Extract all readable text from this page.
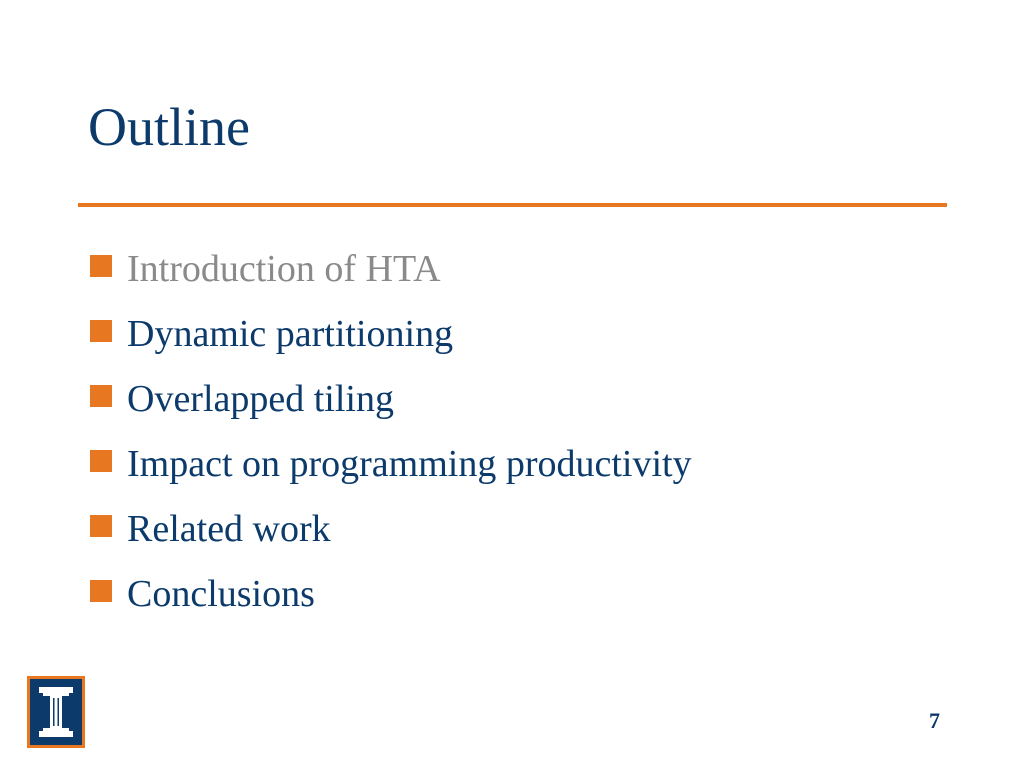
Outline
Introduction of HTA
Dynamic partitioning
Overlapped tiling
Impact on programming productivity
Related work
Conclusions
7
